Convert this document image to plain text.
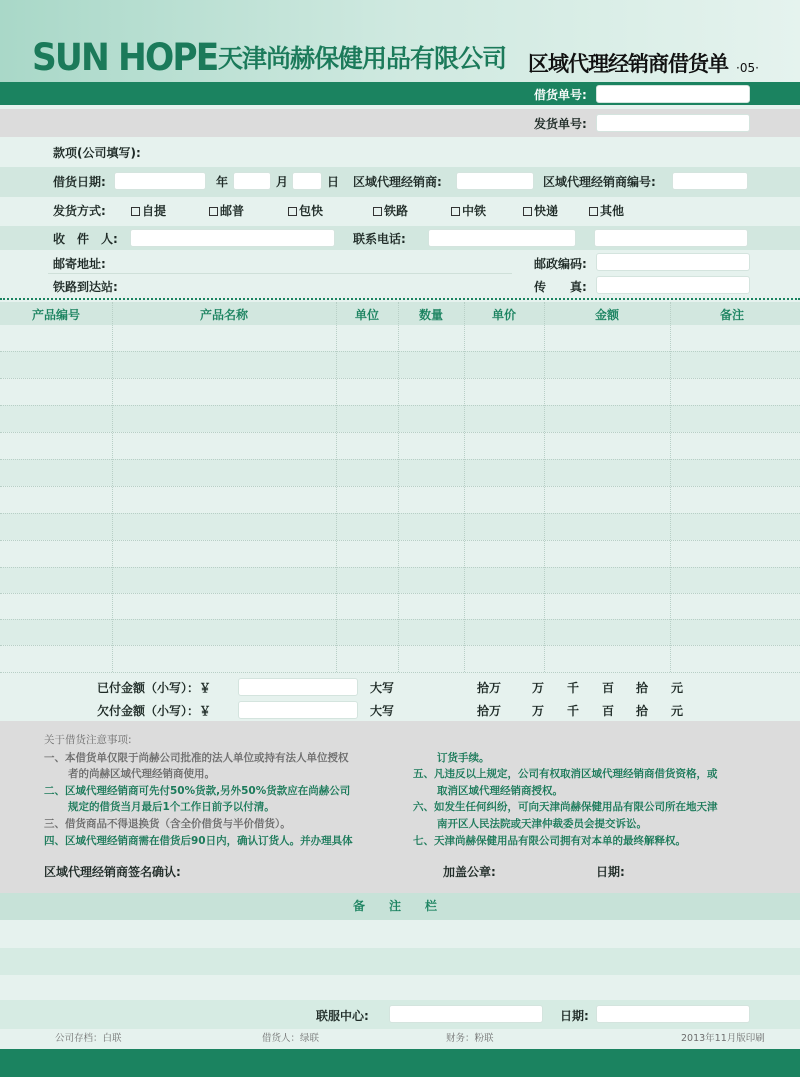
SUN HOPE 天津尚赫保健用品有限公司 区域代理经销商借货单 ·05·
借货单号:
发货单号:
款项(公司填写):
借货日期:	年	月	日 区域代理经销商:	区域代理经销商编号:
发货方式:	自提	邮普	包快	铁路	中铁	快递	其他
收　件　人:	联系电话:
邮寄地址:	邮政编码:
铁路到达站:	传　　真:
产品编号	产品名称	单位	数量	单价	金额	备注
已付金额（小写）：￥	大写	拾万	万 千 百 拾 元
欠付金额（小写）：￥	大写	拾万	万 千 百 拾 元
关于借货注意事项:
一、本借货单仅限于尚赫公司批准的法人单位或持有法人单位授权
者的尚赫区域代理经销商使用。
二、区域代理经销商可先付50%货款,另外50%货款应在尚赫公司
规定的借货当月最后1个工作日前予以付清。
三、借货商品不得退换货（含全价借货与半价借货）。
四、区域代理经销商需在借货后90日内，确认订货人。并办理具体
订货手续。
五、凡违反以上规定，公司有权取消区域代理经销商借货资格，或
取消区域代理经销商授权。
六、如发生任何纠纷，可向天津尚赫保健用品有限公司所在地天津
南开区人民法院或天津仲裁委员会提交诉讼。
七、天津尚赫保健用品有限公司拥有对本单的最终解释权。
区域代理经销商签名确认:	加盖公章:	日期:
备　　注　　栏
联服中心:	日期:
公司存档：白联	借货人：绿联	财务：粉联	2013年11月版印刷
